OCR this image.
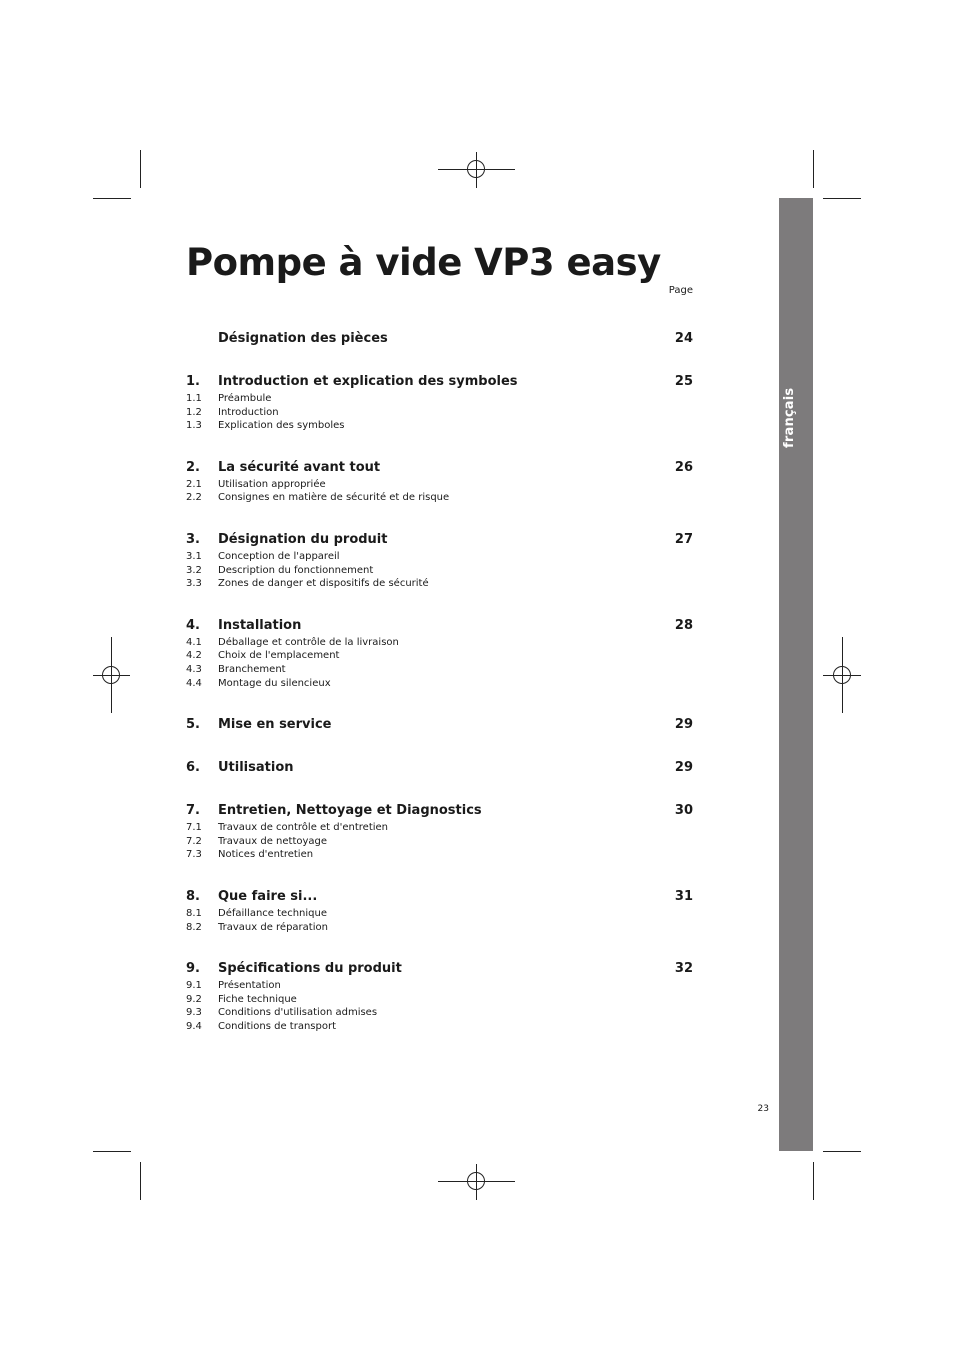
français
Pompe à vide VP3 easy
Page
Désignation des pièces	24
1.	Introduction et explication des symboles	25
1.1	Préambule
1.2	Introduction
1.3	Explication des symboles
2.	La sécurité avant tout	26
2.1	Utilisation appropriée
2.2	Consignes en matière de sécurité et de risque
3.	Désignation du produit	27
3.1	Conception de l'appareil
3.2	Description du fonctionnement
3.3	Zones de danger et dispositifs de sécurité
4.	Installation	28
4.1	Déballage et contrôle de la livraison
4.2	Choix de l'emplacement
4.3	Branchement
4.4	Montage du silencieux
5.	Mise en service	29
6.	Utilisation	29
7.	Entretien, Nettoyage et Diagnostics	30
7.1	Travaux de contrôle et d'entretien
7.2	Travaux de nettoyage
7.3	Notices d'entretien
8.	Que faire si...	31
8.1	Défaillance technique
8.2	Travaux de réparation
9.	Spécifications du produit	32
9.1	Présentation
9.2	Fiche technique
9.3	Conditions d'utilisation admises
9.4	Conditions de transport
23
